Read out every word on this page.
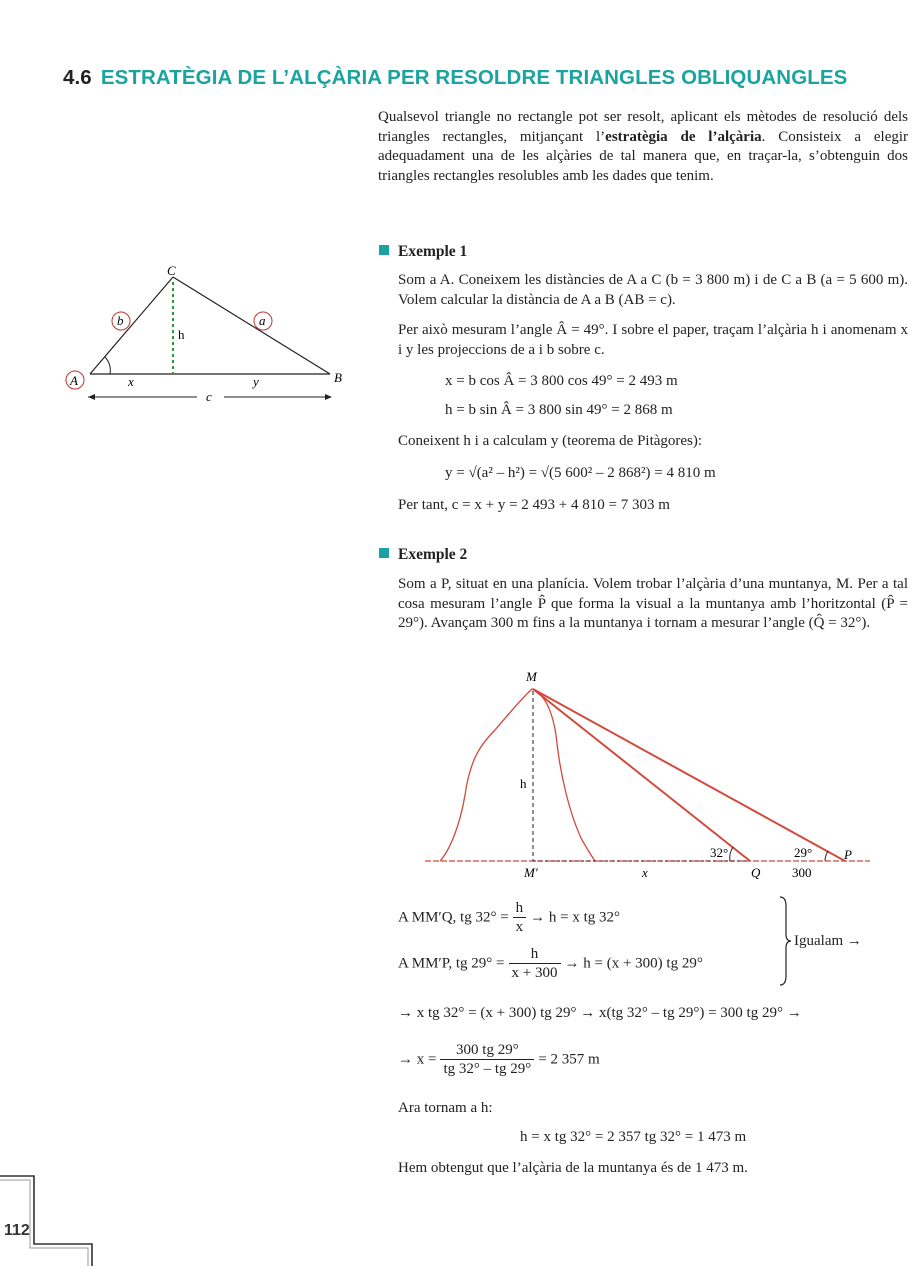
4.6 ESTRATÈGIA DE L’ALÇÀRIA PER RESOLDRE TRIANGLES OBLIQUANGLES
Qualsevol triangle no rectangle pot ser resolt, aplicant els mètodes de resolució dels triangles rectangles, mitjançant l’estratègia de l’alçària. Consisteix a elegir adequadament una de les alçàries de tal manera que, en traçar-la, s’obtenguin dos triangles rectangles resolubles amb les dades que tenim.
C
A	B
b	a
h
x	y
c
Exemple 1
Som a A. Coneixem les distàncies de A a C (b = 3 800 m) i de C a B (a = 5 600 m). Volem calcular la distància de A a B (AB = c).
Per això mesuram l’angle Â = 49°. I sobre el paper, traçam l’alçària h i anomenam x i y les projeccions de a i b sobre c.
x = b cos Â = 3 800 cos 49° = 2 493 m
h = b sin Â = 3 800 sin 49° = 2 868 m
Coneixent h i a calculam y (teorema de Pitàgores):
y = √(a² – h²) = √(5 600² – 2 868²) = 4 810 m
Per tant, c = x + y = 2 493 + 4 810 = 7 303 m
Exemple 2
Som a P, situat en una planícia. Volem trobar l’alçària d’una muntanya, M. Per a tal cosa mesuram l’angle P̂ que forma la visual a la muntanya amb l’horitzontal (P̂ = 29°). Avançam 300 m fins a la muntanya i tornam a mesurar l’angle (Q̂ = 32°).
M
h
32°	29° P
M′	x	Q 300
A MM′Q, tg $32^\circ = \frac{h}{x} \to h = x$ tg 32°
A MM′P, tg $29^\circ = \frac{h}{x + 300} \to h = (x + 300)$ tg 29°
Igualam →
→ x tg 32° = (x + 300) tg 29° → x(tg 32° – tg 29°) = 300 tg 29° →
→ $x = \frac{300 tg 29^\circ}{tg 32^\circ - tg 29^\circ} = 2$ 357 m
Ara tornam a h:
h = x tg 32° = 2 357 tg 32° = 1 473 m
Hem obtengut que l’alçària de la muntanya és de 1 473 m.
112
